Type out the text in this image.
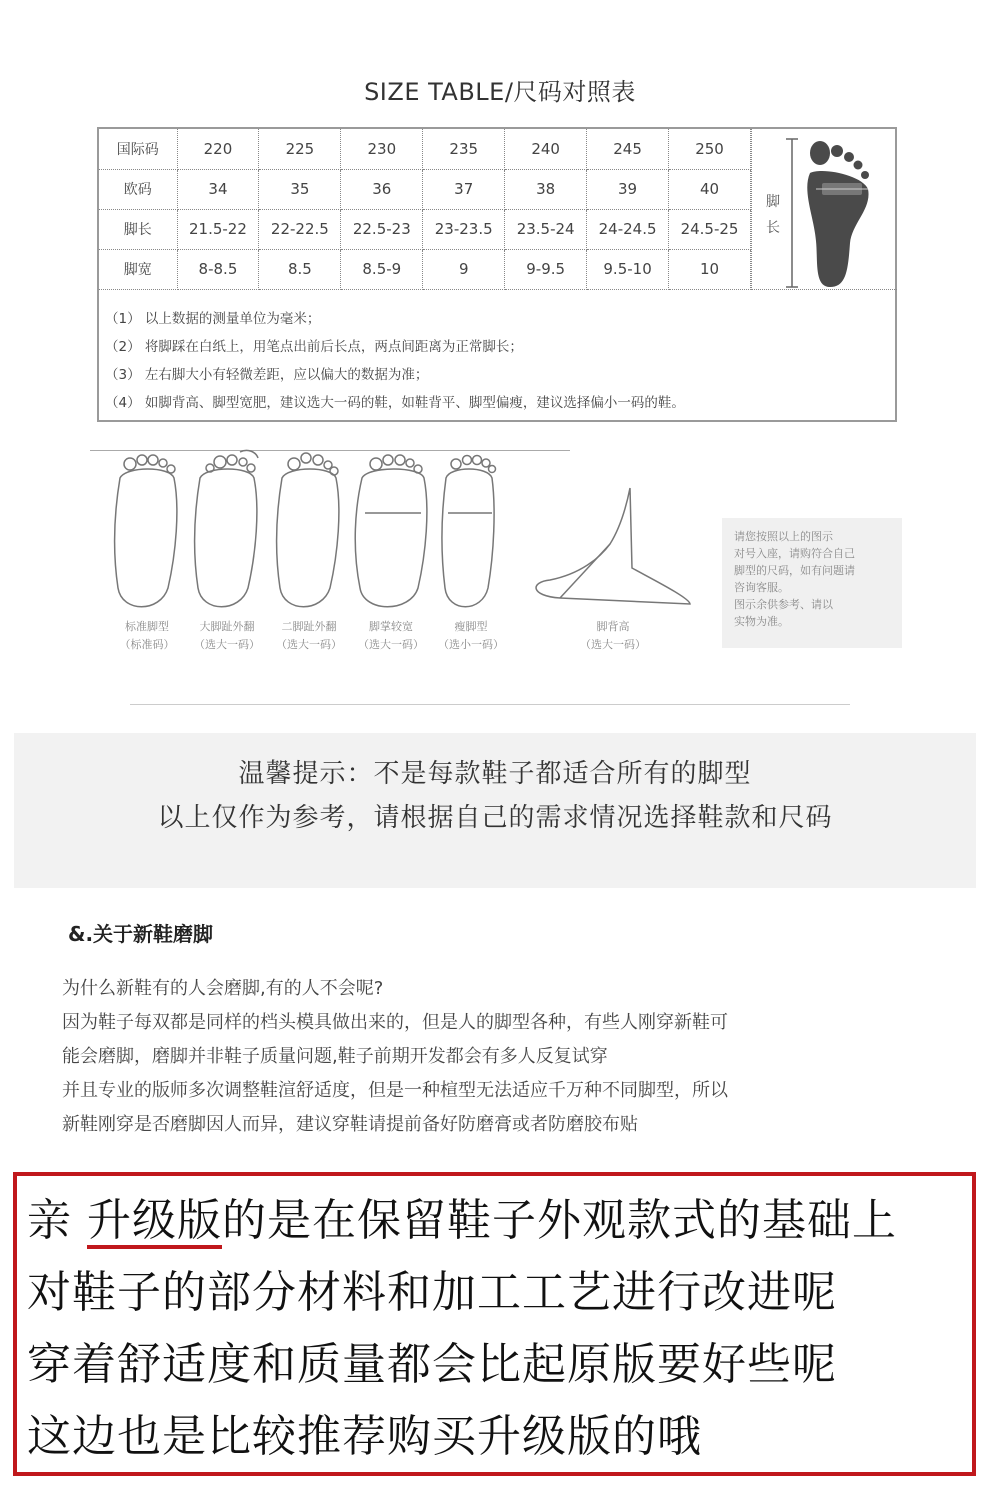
SIZE TABLE/尺码对照表
国际码	220	225	230	235	240	245	250
欧码	34	35	36	37	38	39	40
脚长	21.5-22	22-22.5	22.5-23	23-23.5	23.5-24	24-24.5	24.5-25
脚宽	8-8.5	8.5	8.5-9	9	9-9.5	9.5-10	10
脚
长
（1） 以上数据的测量单位为毫米；
（2） 将脚踩在白纸上，用笔点出前后长点，两点间距离为正常脚长；
（3） 左右脚大小有轻微差距，应以偏大的数据为准；
（4） 如脚背高、脚型宽肥，建议选大一码的鞋，如鞋背平、脚型偏瘦，建议选择偏小一码的鞋。
标准脚型
（标准码）
大脚趾外翻
（选大一码）
二脚趾外翻
（选大一码）
脚掌较宽
（选大一码）
瘦脚型
（选小一码）
脚背高
（选大一码）
请您按照以上的图示
对号入座，请购符合自己
脚型的尺码，如有问题请
咨询客服。
图示余供参考、请以
实物为准。
温馨提示：不是每款鞋子都适合所有的脚型
以上仅作为参考，请根据自己的需求情况选择鞋款和尺码
&.关于新鞋磨脚
为什么新鞋有的人会磨脚,有的人不会呢?
因为鞋子每双都是同样的档头模具做出来的，但是人的脚型各种，有些人刚穿新鞋可
能会磨脚，磨脚并非鞋子质量问题,鞋子前期开发都会有多人反复试穿
并且专业的版师多次调整鞋渲舒适度，但是一种楦型无法适应千万种不同脚型，所以
新鞋刚穿是否磨脚因人而异，建议穿鞋请提前备好防磨膏或者防磨胶布贴
亲 升级版的是在保留鞋子外观款式的基础上
对鞋子的部分材料和加工工艺进行改进呢
穿着舒适度和质量都会比起原版要好些呢
这边也是比较推荐购买升级版的哦
